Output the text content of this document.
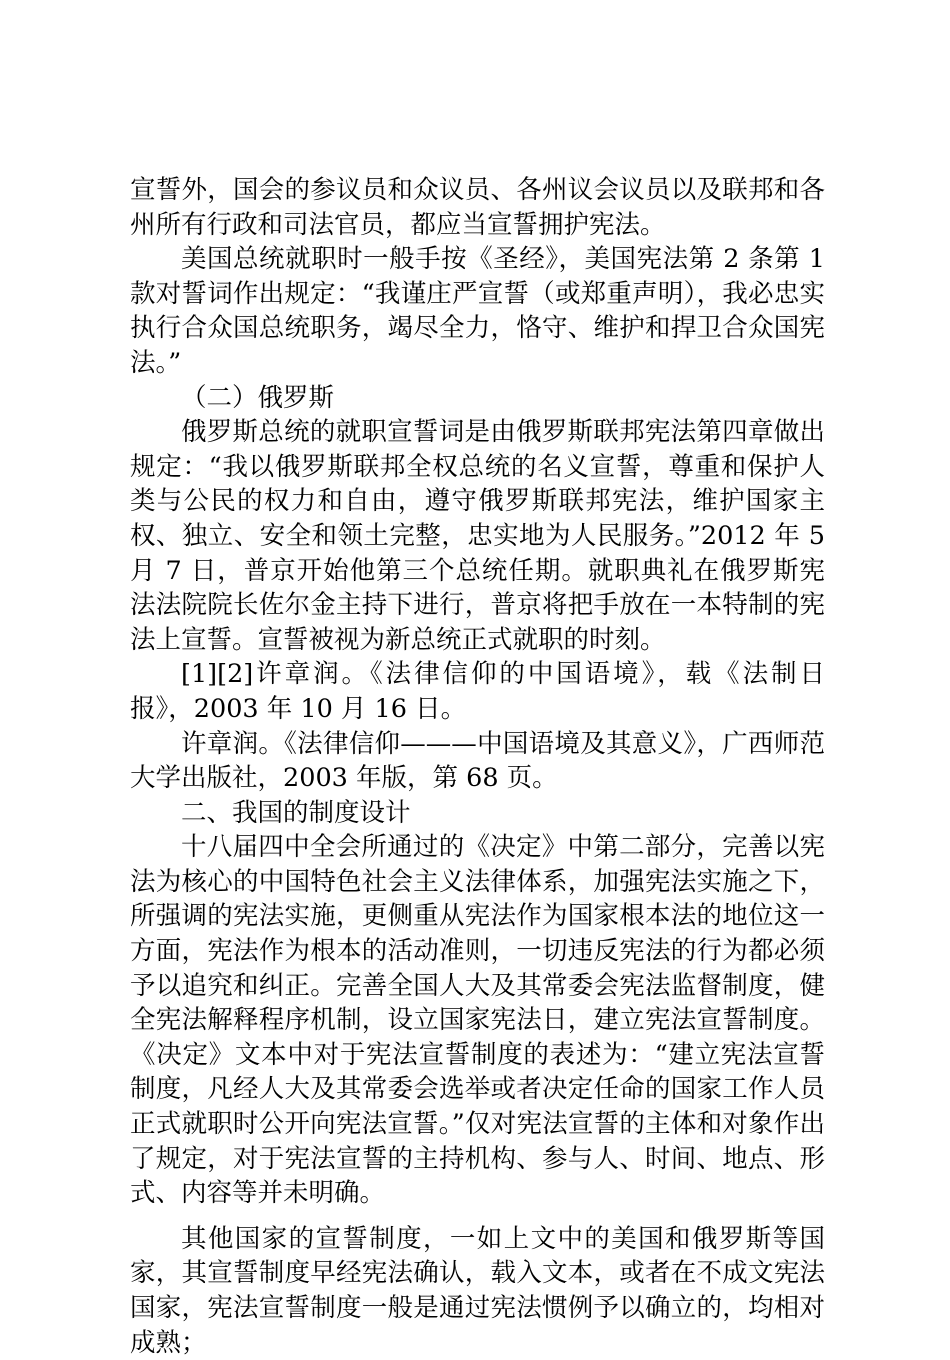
宣誓外，国会的参议员和众议员、各州议会议员以及联邦和各州所有行政和司法官员，都应当宣誓拥护宪法。

美国总统就职时一般手按《圣经》，美国宪法第 2 条第 1 款对誓词作出规定：“我谨庄严宣誓（或郑重声明），我必忠实执行合众国总统职务，竭尽全力，恪守、维护和捍卫合众国宪法。”

（二）俄罗斯

俄罗斯总统的就职宣誓词是由俄罗斯联邦宪法第四章做出规定：“我以俄罗斯联邦全权总统的名义宣誓，尊重和保护人类与公民的权力和自由，遵守俄罗斯联邦宪法，维护国家主权、独立、安全和领土完整，忠实地为人民服务。”2012 年 5 月 7 日，普京开始他第三个总统任期。就职典礼在俄罗斯宪法法院院长佐尔金主持下进行，普京将把手放在一本特制的宪法上宣誓。宣誓被视为新总统正式就职的时刻。

[1][2]许章润。《法律信仰的中国语境》，载《法制日报》，2003 年 10 月 16 日。

许章润。《法律信仰———中国语境及其意义》，广西师范大学出版社，2003 年版，第 68 页。

二、我国的制度设计

十八届四中全会所通过的《决定》中第二部分，完善以宪法为核心的中国特色社会主义法律体系，加强宪法实施之下，所强调的宪法实施，更侧重从宪法作为国家根本法的地位这一方面，宪法作为根本的活动准则，一切违反宪法的行为都必须予以追究和纠正。完善全国人大及其常委会宪法监督制度，健全宪法解释程序机制，设立国家宪法日，建立宪法宣誓制度。《决定》文本中对于宪法宣誓制度的表述为：“建立宪法宣誓制度，凡经人大及其常委会选举或者决定任命的国家工作人员正式就职时公开向宪法宣誓。”仅对宪法宣誓的主体和对象作出了规定，对于宪法宣誓的主持机构、参与人、时间、地点、形式、内容等并未明确。

其他国家的宣誓制度，一如上文中的美国和俄罗斯等国家，其宣誓制度早经宪法确认，载入文本，或者在不成文宪法国家，宪法宣誓制度一般是通过宪法惯例予以确立的，均相对成熟；
